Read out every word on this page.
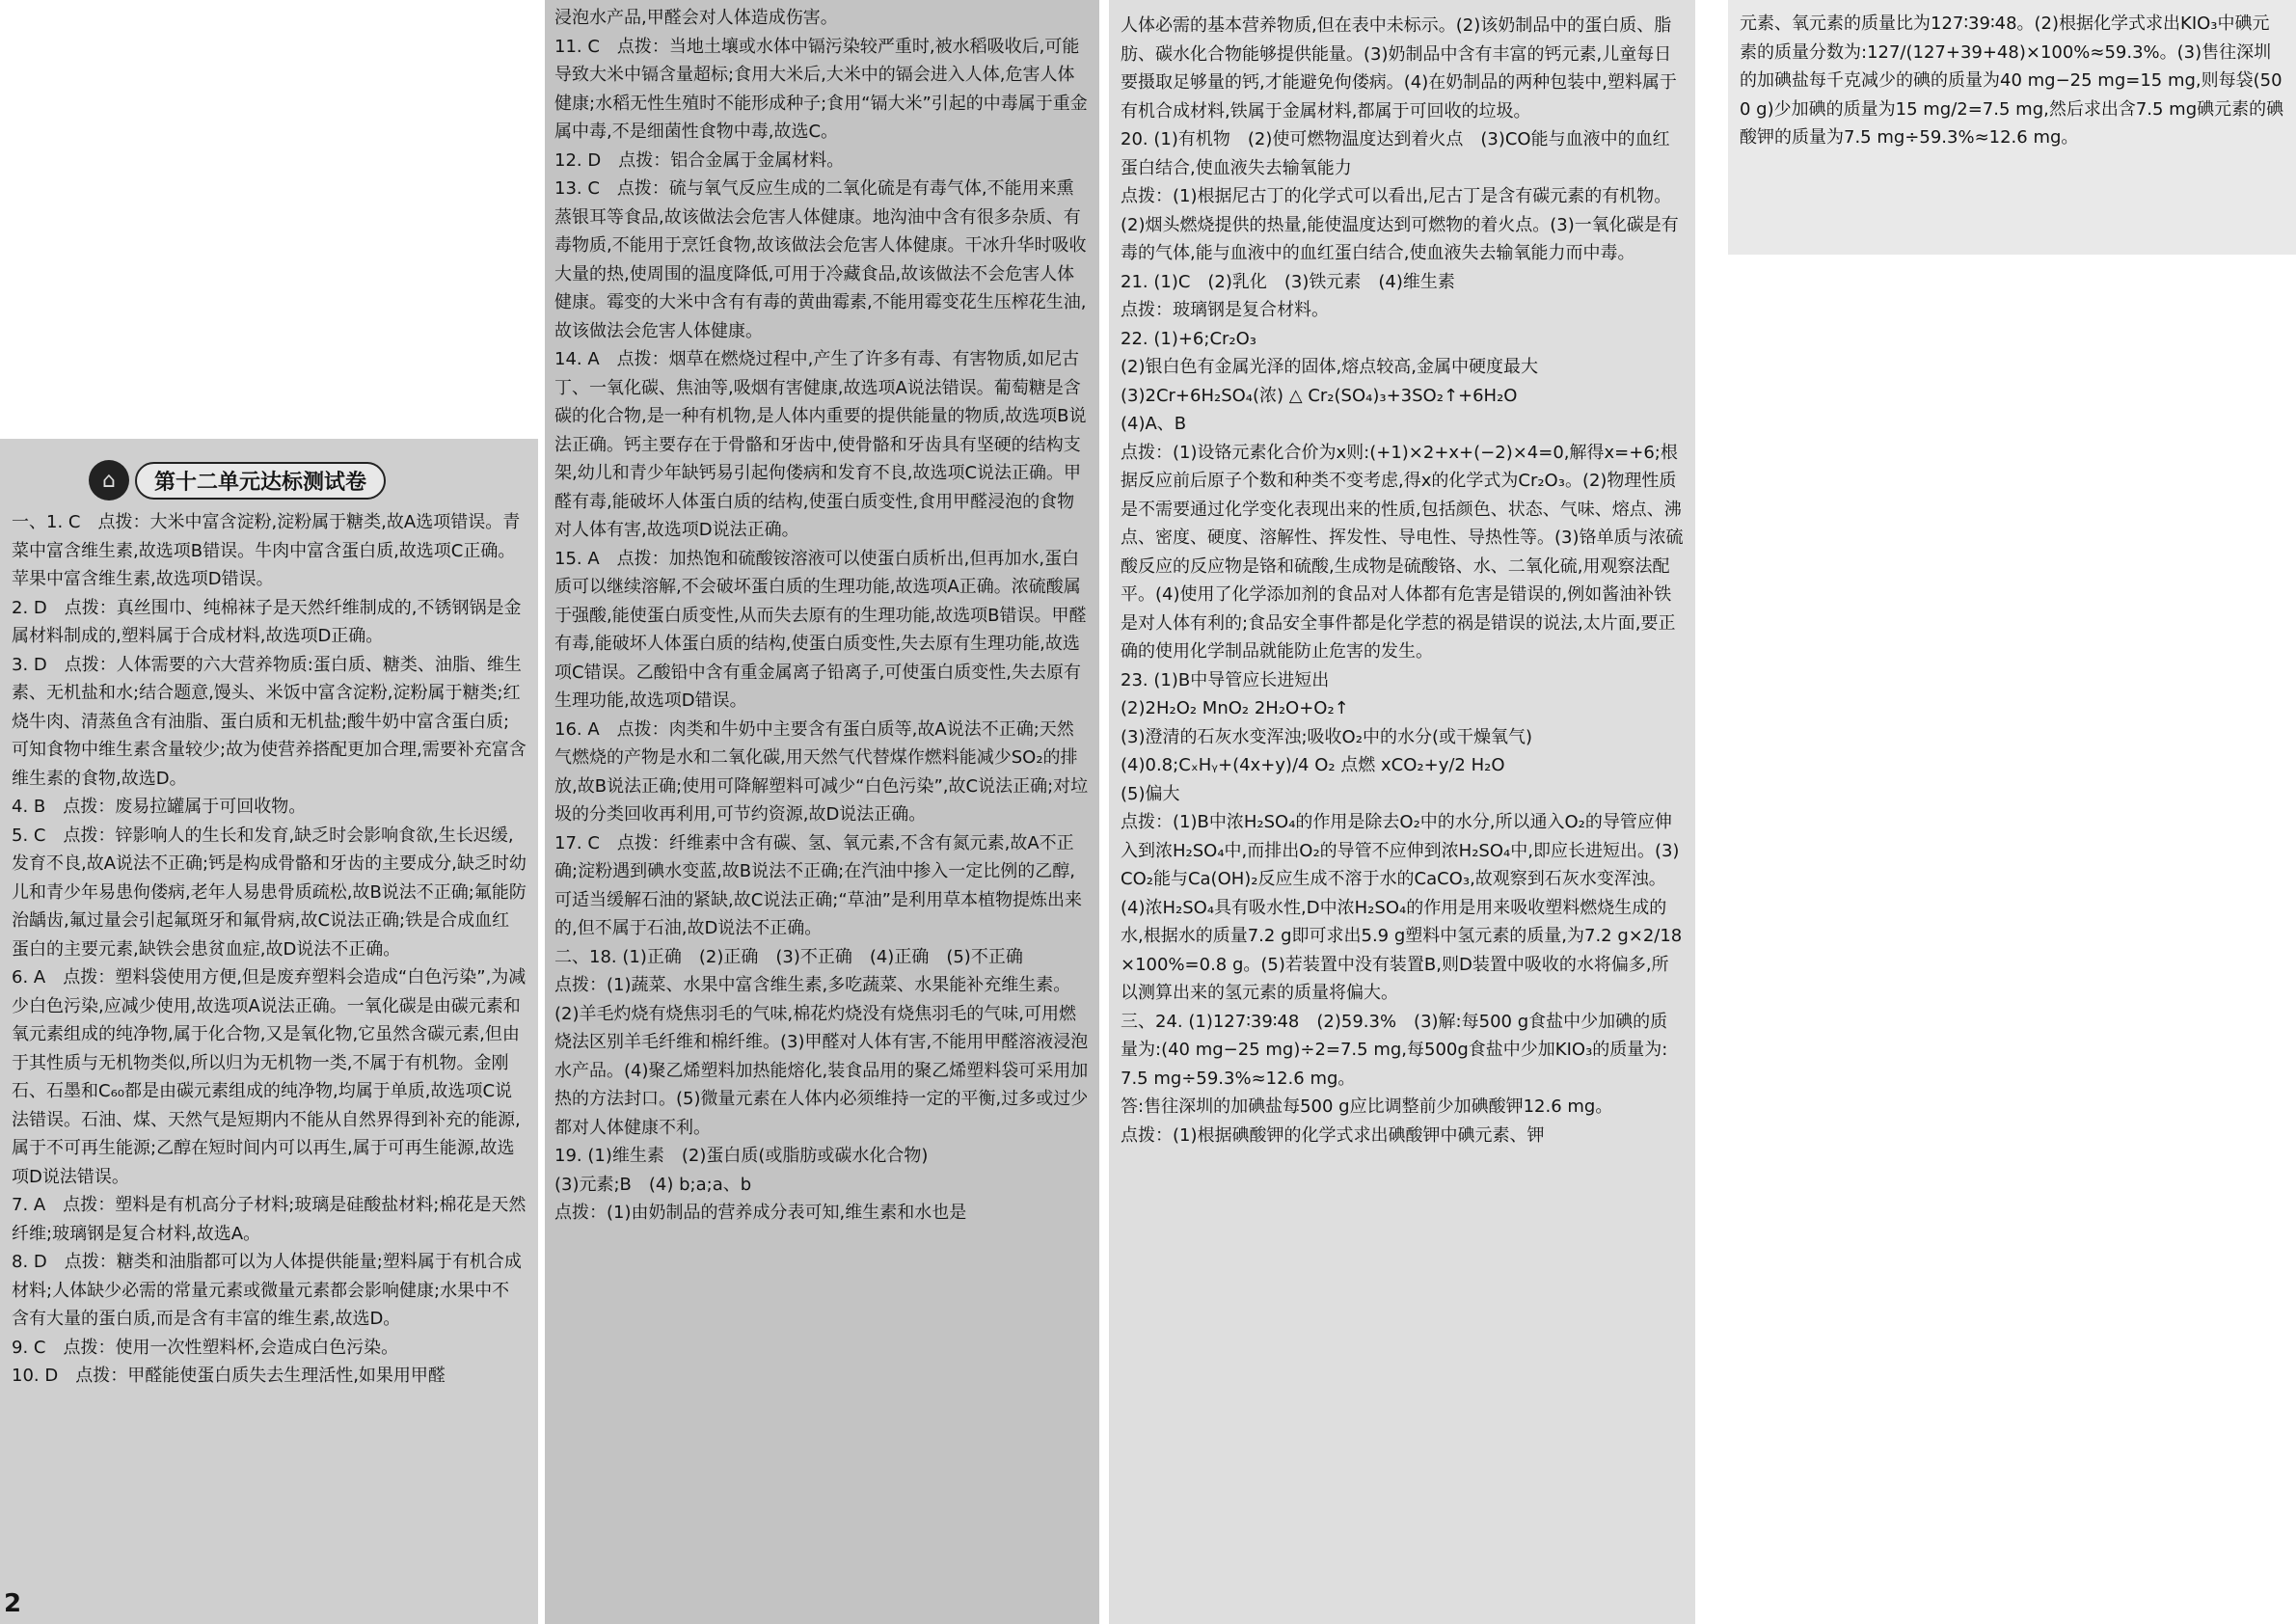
⌂	第十二单元达标测试卷

一、1. C　点拨：大米中富含淀粉,淀粉属于糖类,故A选项错误。青菜中富含维生素,故选项B错误。牛肉中富含蛋白质,故选项C正确。苹果中富含维生素,故选项D错误。

2. D　点拨：真丝围巾、纯棉袜子是天然纤维制成的,不锈钢锅是金属材料制成的,塑料属于合成材料,故选项D正确。

3. D　点拨：人体需要的六大营养物质:蛋白质、糖类、油脂、维生素、无机盐和水;结合题意,馒头、米饭中富含淀粉,淀粉属于糖类;红烧牛肉、清蒸鱼含有油脂、蛋白质和无机盐;酸牛奶中富含蛋白质;可知食物中维生素含量较少;故为使营养搭配更加合理,需要补充富含维生素的食物,故选D。

4. B　点拨：废易拉罐属于可回收物。

5. C　点拨：锌影响人的生长和发育,缺乏时会影响食欲,生长迟缓,发育不良,故A说法不正确;钙是构成骨骼和牙齿的主要成分,缺乏时幼儿和青少年易患佝偻病,老年人易患骨质疏松,故B说法不正确;氟能防治龋齿,氟过量会引起氟斑牙和氟骨病,故C说法正确;铁是合成血红蛋白的主要元素,缺铁会患贫血症,故D说法不正确。

6. A　点拨：塑料袋使用方便,但是废弃塑料会造成“白色污染”,为减少白色污染,应减少使用,故选项A说法正确。一氧化碳是由碳元素和氧元素组成的纯净物,属于化合物,又是氧化物,它虽然含碳元素,但由于其性质与无机物类似,所以归为无机物一类,不属于有机物。金刚石、石墨和C₆₀都是由碳元素组成的纯净物,均属于单质,故选项C说法错误。石油、煤、天然气是短期内不能从自然界得到补充的能源,属于不可再生能源;乙醇在短时间内可以再生,属于可再生能源,故选项D说法错误。

7. A　点拨：塑料是有机高分子材料;玻璃是硅酸盐材料;棉花是天然纤维;玻璃钢是复合材料,故选A。

8. D　点拨：糖类和油脂都可以为人体提供能量;塑料属于有机合成材料;人体缺少必需的常量元素或微量元素都会影响健康;水果中不含有大量的蛋白质,而是含有丰富的维生素,故选D。

9. C　点拨：使用一次性塑料杯,会造成白色污染。

10. D　点拨：甲醛能使蛋白质失去生理活性,如果用甲醛

2

浸泡水产品,甲醛会对人体造成伤害。

11. C　点拨：当地土壤或水体中镉污染较严重时,被水稻吸收后,可能导致大米中镉含量超标;食用大米后,大米中的镉会进入人体,危害人体健康;水稻无性生殖时不能形成种子;食用“镉大米”引起的中毒属于重金属中毒,不是细菌性食物中毒,故选C。

12. D　点拨：铝合金属于金属材料。

13. C　点拨：硫与氧气反应生成的二氧化硫是有毒气体,不能用来熏蒸银耳等食品,故该做法会危害人体健康。地沟油中含有很多杂质、有毒物质,不能用于烹饪食物,故该做法会危害人体健康。干冰升华时吸收大量的热,使周围的温度降低,可用于冷藏食品,故该做法不会危害人体健康。霉变的大米中含有有毒的黄曲霉素,不能用霉变花生压榨花生油,故该做法会危害人体健康。

14. A　点拨：烟草在燃烧过程中,产生了许多有毒、有害物质,如尼古丁、一氧化碳、焦油等,吸烟有害健康,故选项A说法错误。葡萄糖是含碳的化合物,是一种有机物,是人体内重要的提供能量的物质,故选项B说法正确。钙主要存在于骨骼和牙齿中,使骨骼和牙齿具有坚硬的结构支架,幼儿和青少年缺钙易引起佝偻病和发育不良,故选项C说法正确。甲醛有毒,能破坏人体蛋白质的结构,使蛋白质变性,食用甲醛浸泡的食物对人体有害,故选项D说法正确。

15. A　点拨：加热饱和硫酸铵溶液可以使蛋白质析出,但再加水,蛋白质可以继续溶解,不会破坏蛋白质的生理功能,故选项A正确。浓硫酸属于强酸,能使蛋白质变性,从而失去原有的生理功能,故选项B错误。甲醛有毒,能破坏人体蛋白质的结构,使蛋白质变性,失去原有生理功能,故选项C错误。乙酸铅中含有重金属离子铅离子,可使蛋白质变性,失去原有生理功能,故选项D错误。

16. A　点拨：肉类和牛奶中主要含有蛋白质等,故A说法不正确;天然气燃烧的产物是水和二氧化碳,用天然气代替煤作燃料能减少SO₂的排放,故B说法正确;使用可降解塑料可减少“白色污染”,故C说法正确;对垃圾的分类回收再利用,可节约资源,故D说法正确。

17. C　点拨：纤维素中含有碳、氢、氧元素,不含有氮元素,故A不正确;淀粉遇到碘水变蓝,故B说法不正确;在汽油中掺入一定比例的乙醇,可适当缓解石油的紧缺,故C说法正确;“草油”是利用草本植物提炼出来的,但不属于石油,故D说法不正确。

二、18. (1)正确　(2)正确　(3)不正确　(4)正确　(5)不正确

点拨：(1)蔬菜、水果中富含维生素,多吃蔬菜、水果能补充维生素。(2)羊毛灼烧有烧焦羽毛的气味,棉花灼烧没有烧焦羽毛的气味,可用燃烧法区别羊毛纤维和棉纤维。(3)甲醛对人体有害,不能用甲醛溶液浸泡水产品。(4)聚乙烯塑料加热能熔化,装食品用的聚乙烯塑料袋可采用加热的方法封口。(5)微量元素在人体内必须维持一定的平衡,过多或过少都对人体健康不利。

19. (1)维生素　(2)蛋白质(或脂肪或碳水化合物)

(3)元素;B　(4) b;a;a、b

点拨：(1)由奶制品的营养成分表可知,维生素和水也是

人体必需的基本营养物质,但在表中未标示。(2)该奶制品中的蛋白质、脂肪、碳水化合物能够提供能量。(3)奶制品中含有丰富的钙元素,儿童每日要摄取足够量的钙,才能避免佝偻病。(4)在奶制品的两种包装中,塑料属于有机合成材料,铁属于金属材料,都属于可回收的垃圾。

20. (1)有机物　(2)使可燃物温度达到着火点　(3)CO能与血液中的血红蛋白结合,使血液失去输氧能力

点拨：(1)根据尼古丁的化学式可以看出,尼古丁是含有碳元素的有机物。(2)烟头燃烧提供的热量,能使温度达到可燃物的着火点。(3)一氧化碳是有毒的气体,能与血液中的血红蛋白结合,使血液失去输氧能力而中毒。

21. (1)C　(2)乳化　(3)铁元素　(4)维生素

点拨：玻璃钢是复合材料。

22. (1)+6;Cr₂O₃

(2)银白色有金属光泽的固体,熔点较高,金属中硬度最大

(3)2Cr+6H₂SO₄(浓) △ Cr₂(SO₄)₃+3SO₂↑+6H₂O

(4)A、B

点拨：(1)设铬元素化合价为x则:(+1)×2+x+(−2)×4=0,解得x=+6;根据反应前后原子个数和种类不变考虑,得x的化学式为Cr₂O₃。(2)物理性质是不需要通过化学变化表现出来的性质,包括颜色、状态、气味、熔点、沸点、密度、硬度、溶解性、挥发性、导电性、导热性等。(3)铬单质与浓硫酸反应的反应物是铬和硫酸,生成物是硫酸铬、水、二氧化硫,用观察法配平。(4)使用了化学添加剂的食品对人体都有危害是错误的,例如酱油补铁是对人体有利的;食品安全事件都是化学惹的祸是错误的说法,太片面,要正确的使用化学制品就能防止危害的发生。

23. (1)B中导管应长进短出

(2)2H₂O₂ MnO₂ 2H₂O+O₂↑

(3)澄清的石灰水变浑浊;吸收O₂中的水分(或干燥氧气)

(4)0.8;CₓHᵧ+(4x+y)/4 O₂ 点燃 xCO₂+y/2 H₂O

(5)偏大

点拨：(1)B中浓H₂SO₄的作用是除去O₂中的水分,所以通入O₂的导管应伸入到浓H₂SO₄中,而排出O₂的导管不应伸到浓H₂SO₄中,即应长进短出。(3)CO₂能与Ca(OH)₂反应生成不溶于水的CaCO₃,故观察到石灰水变浑浊。(4)浓H₂SO₄具有吸水性,D中浓H₂SO₄的作用是用来吸收塑料燃烧生成的水,根据水的质量7.2 g即可求出5.9 g塑料中氢元素的质量,为7.2 g×2/18×100%=0.8 g。(5)若装置中没有装置B,则D装置中吸收的水将偏多,所以测算出来的氢元素的质量将偏大。

三、24. (1)127∶39∶48　(2)59.3%　(3)解:每500 g食盐中少加碘的质量为:(40 mg−25 mg)÷2=7.5 mg,每500g食盐中少加KIO₃的质量为:7.5 mg÷59.3%≈12.6 mg。

答:售往深圳的加碘盐每500 g应比调整前少加碘酸钾12.6 mg。

点拨：(1)根据碘酸钾的化学式求出碘酸钾中碘元素、钾

元素、氧元素的质量比为127∶39∶48。(2)根据化学式求出KIO₃中碘元素的质量分数为:127/(127+39+48)×100%≈59.3%。(3)售往深圳的加碘盐每千克减少的碘的质量为40 mg−25 mg=15 mg,则每袋(500 g)少加碘的质量为15 mg/2=7.5 mg,然后求出含7.5 mg碘元素的碘酸钾的质量为7.5 mg÷59.3%≈12.6 mg。
